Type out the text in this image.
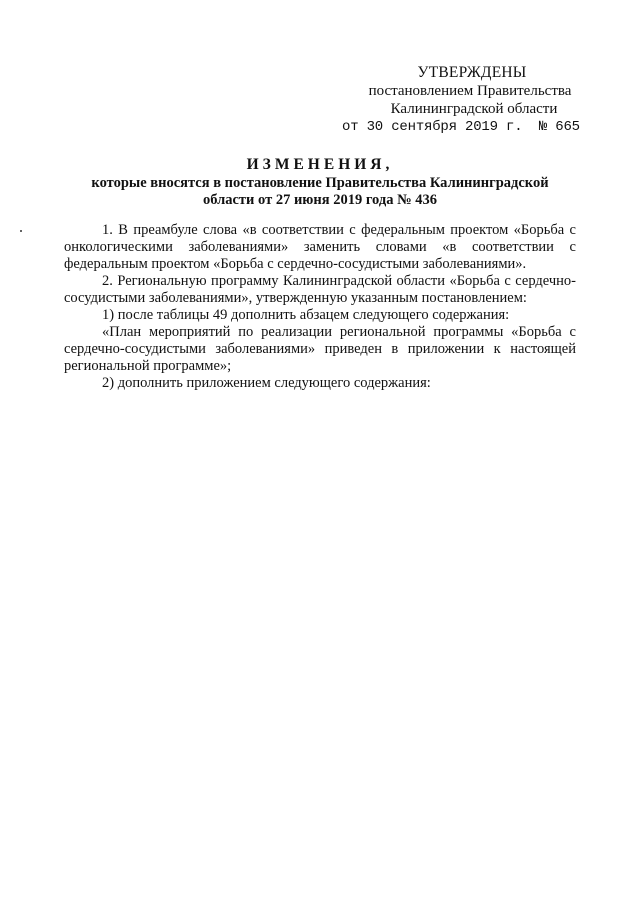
УТВЕРЖДЕНЫ
постановлением Правительства
Калининградской области
от 30 сентября 2019 г. № 665
ИЗМЕНЕНИЯ,
которые вносятся в постановление Правительства Калининградской
области от 27 июня 2019 года № 436

1. В преамбуле слова «в соответствии с федеральным проектом «Борьба с онкологическими заболеваниями» заменить словами «в соответствии с федеральным проектом «Борьба с сердечно-сосудистыми заболеваниями».

2. Региональную программу Калининградской области «Борьба с сердечно-сосудистыми заболеваниями», утвержденную указанным постановлением:

1) после таблицы 49 дополнить абзацем следующего содержания:

«План мероприятий по реализации региональной программы «Борьба с сердечно-сосудистыми заболеваниями» приведен в приложении к настоящей региональной программе»;

2) дополнить приложением следующего содержания:
